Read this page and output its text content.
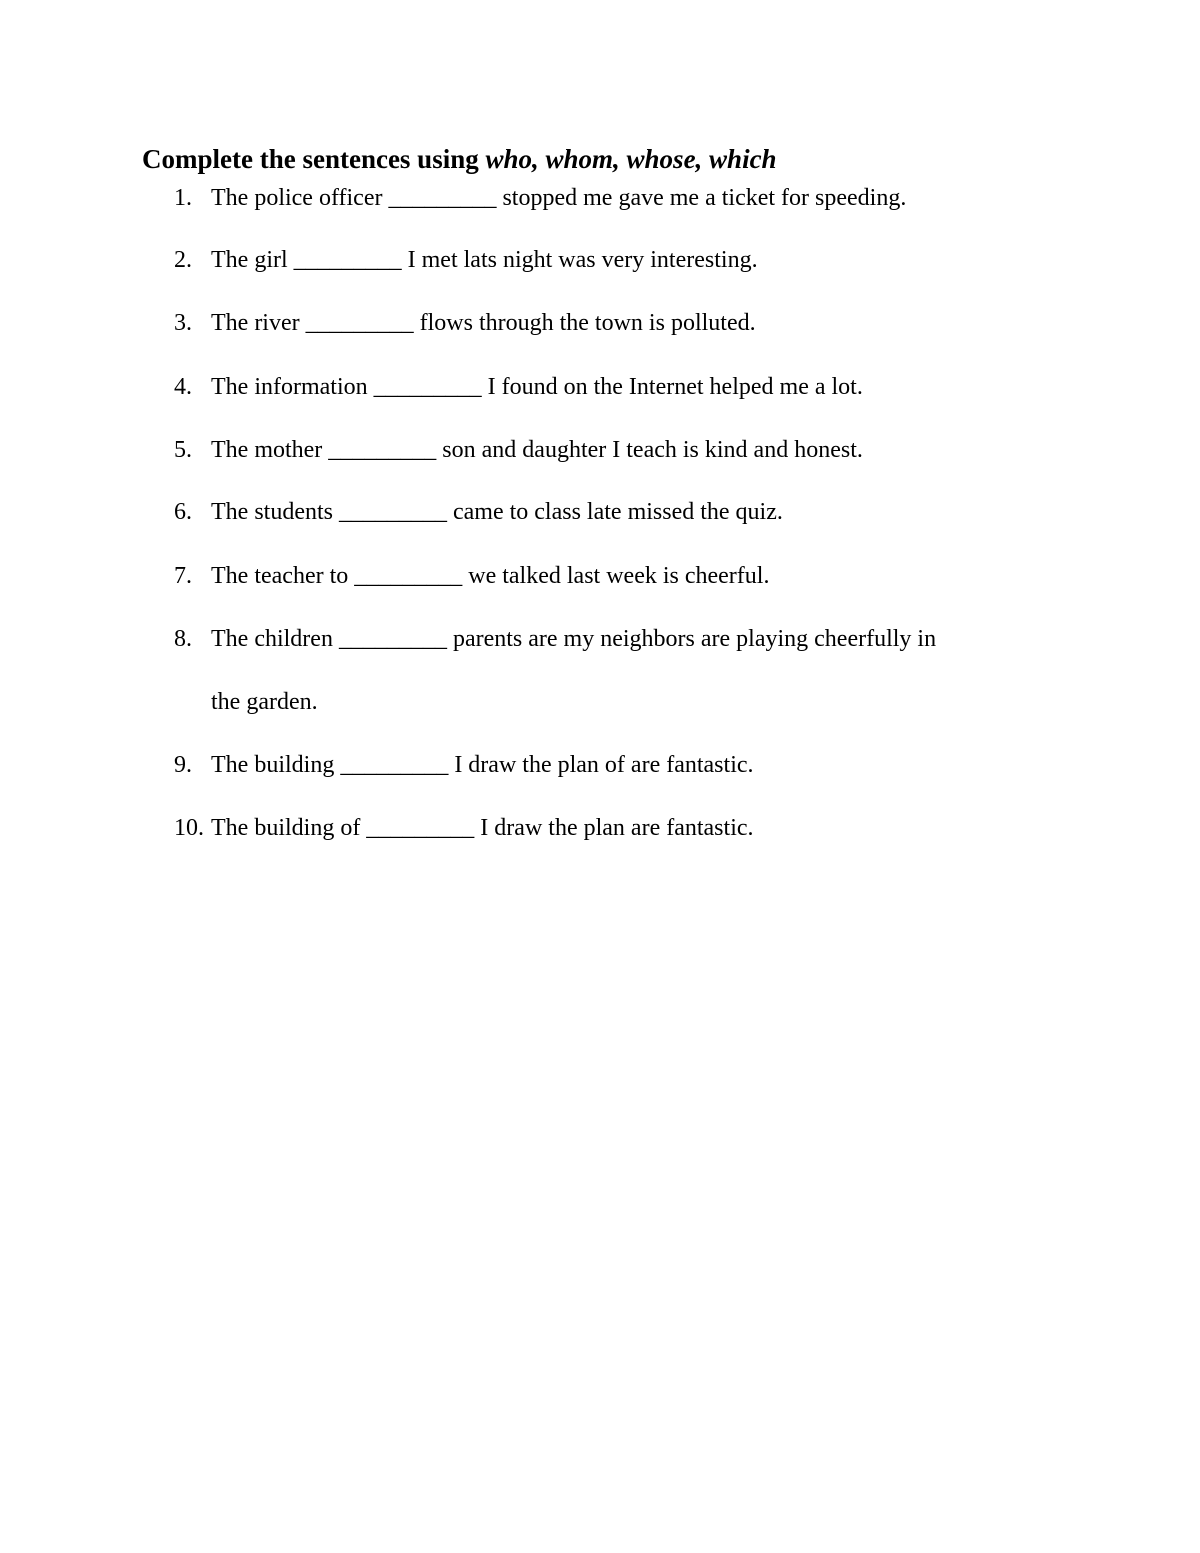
Complete the sentences using who, whom, whose, which
1. The police officer _________ stopped me gave me a ticket for speeding.
2. The girl _________ I met lats night was very interesting.
3. The river _________ flows through the town is polluted.
4. The information _________ I found on the Internet helped me a lot.
5. The mother _________ son and daughter I teach is kind and honest.
6. The students _________ came to class late missed the quiz.
7. The teacher to _________ we talked last week is cheerful.
8. The children _________ parents are my neighbors are playing cheerfully in
the garden.
9. The building _________ I draw the plan of are fantastic.
10. The building of _________ I draw the plan are fantastic.
